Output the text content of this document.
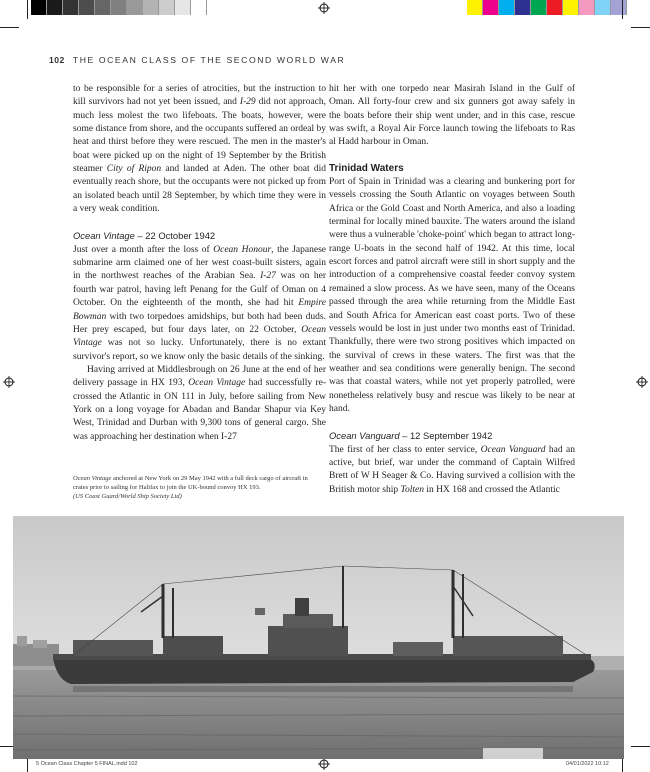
102 THE OCEAN CLASS OF THE SECOND WORLD WAR

to be responsible for a series of atrocities, but the instruction to kill survivors had not yet been issued, and I-29 did not approach, much less molest the two lifeboats. The boats, however, were some distance from shore, and the occupants suffered an ordeal by heat and thirst before they were rescued. The men in the master's boat were picked up on the night of 19 September by the British steamer City of Ripon and landed at Aden. The other boat did eventually reach shore, but the occupants were not picked up from an isolated beach until 28 September, by which time they were in a very weak condition.

Ocean Vintage – 22 October 1942

Just over a month after the loss of Ocean Honour, the Japanese submarine arm claimed one of her west coast-built sisters, again in the northwest reaches of the Arabian Sea. I-27 was on her fourth war patrol, having left Penang for the Gulf of Oman on 4 October. On the eighteenth of the month, she had hit Empire Bowman with two torpedoes amidships, but both had been duds. Her prey escaped, but four days later, on 22 October, Ocean Vintage was not so lucky. Unfortunately, there is no extant survivor's report, so we know only the basic details of the sinking.

Having arrived at Middlesbrough on 26 June at the end of her delivery passage in HX 193, Ocean Vintage had successfully re-crossed the Atlantic in ON 111 in July, before sailing from New York on a long voyage for Abadan and Bandar Shapur via Key West, Trinidad and Durban with 9,300 tons of general cargo. She was approaching her destination when I-27

Ocean Vintage anchored at New York on 29 May 1942 with a full deck cargo of aircraft in crates prior to sailing for Halifax to join the UK-bound convoy HX 193.
(US Coast Guard/World Ship Society Ltd)

hit her with one torpedo near Masirah Island in the Gulf of Oman. All forty-four crew and six gunners got away safely in the boats before their ship went under, and in this case, rescue was swift, a Royal Air Force launch towing the lifeboats to Ras al Hadd harbour in Oman.

Trinidad Waters

Port of Spain in Trinidad was a clearing and bunkering port for vessels crossing the South Atlantic on voyages between South Africa or the Gold Coast and North America, and also a loading terminal for locally mined bauxite. The waters around the island were thus a vulnerable 'choke-point' which began to attract long-range U-boats in the second half of 1942. At this time, local escort forces and patrol aircraft were still in short supply and the introduction of a comprehensive coastal feeder convoy system remained a slow process. As we have seen, many of the Oceans passed through the area while returning from the Middle East and South Africa for American east coast ports. Two of these vessels would be lost in just under two months east of Trinidad. Thankfully, there were two strong positives which impacted on the survival of crews in these waters. The first was that the weather and sea conditions were generally benign. The second was that coastal waters, while not yet properly patrolled, were nonetheless relatively busy and rescue was likely to be near at hand.

Ocean Vanguard – 12 September 1942

The first of her class to enter service, Ocean Vanguard had an active, but brief, war under the command of Captain Wilfred Brett of W H Seager & Co. Having survived a collision with the British motor ship Tolten in HX 168 and crossed the Atlantic

5 Ocean Class Chapter 5 FINAL.indd 102	04/01/2022 10:12
